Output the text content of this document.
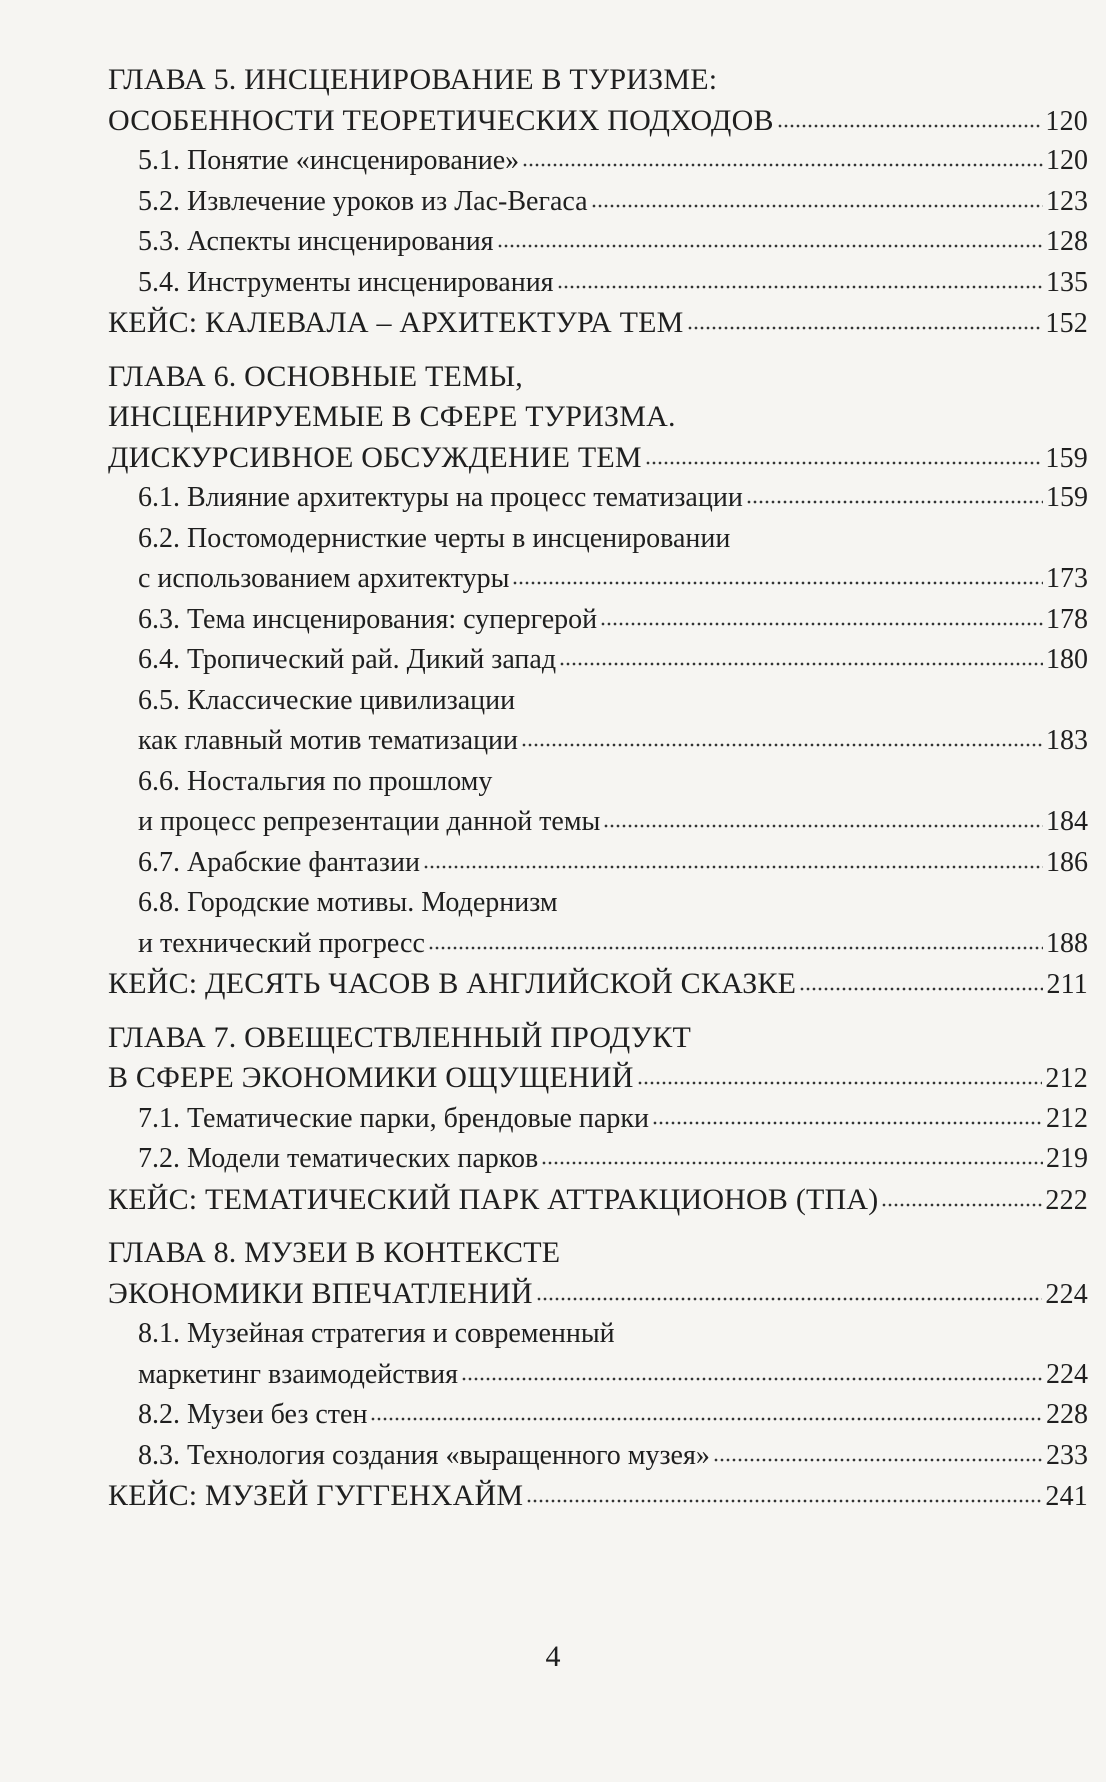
ГЛАВА 5. ИНСЦЕНИРОВАНИЕ В ТУРИЗМЕ:
ОСОБЕННОСТИ ТЕОРЕТИЧЕСКИХ ПОДХОДОВ	120
5.1. Понятие «инсценирование»	120
5.2. Извлечение уроков из Лас-Вегаса	123
5.3. Аспекты инсценирования	128
5.4. Инструменты инсценирования	135
КЕЙС: КАЛЕВАЛА – АРХИТЕКТУРА ТЕМ	152
ГЛАВА 6. ОСНОВНЫЕ ТЕМЫ,
ИНСЦЕНИРУЕМЫЕ В СФЕРЕ ТУРИЗМА.
ДИСКУРСИВНОЕ ОБСУЖДЕНИЕ ТЕМ	159
6.1. Влияние архитектуры на процесс тематизации	159
6.2. Постомодернисткие черты в инсценировании
с использованием архитектуры	173
6.3. Тема инсценирования: супергерой	178
6.4. Тропический рай. Дикий запад	180
6.5. Классические цивилизации
как главный мотив тематизации	183
6.6. Ностальгия по прошлому
и процесс репрезентации данной темы	184
6.7. Арабские фантазии	186
6.8. Городские мотивы. Модернизм
и технический прогресс	188
КЕЙС: ДЕСЯТЬ ЧАСОВ В АНГЛИЙСКОЙ СКАЗКЕ	211
ГЛАВА 7. ОВЕЩЕСТВЛЕННЫЙ ПРОДУКТ
В СФЕРЕ ЭКОНОМИКИ ОЩУЩЕНИЙ	212
7.1. Тематические парки, брендовые парки	212
7.2. Модели тематических парков	219
КЕЙС: ТЕМАТИЧЕСКИЙ ПАРК АТТРАКЦИОНОВ (ТПА)	222
ГЛАВА 8. МУЗЕИ В КОНТЕКСТЕ
ЭКОНОМИКИ ВПЕЧАТЛЕНИЙ	224
8.1. Музейная стратегия и современный
маркетинг взаимодействия	224
8.2. Музеи без стен	228
8.3. Технология создания «выращенного музея»	233
КЕЙС: МУЗЕЙ ГУГГЕНХАЙМ	241
4
